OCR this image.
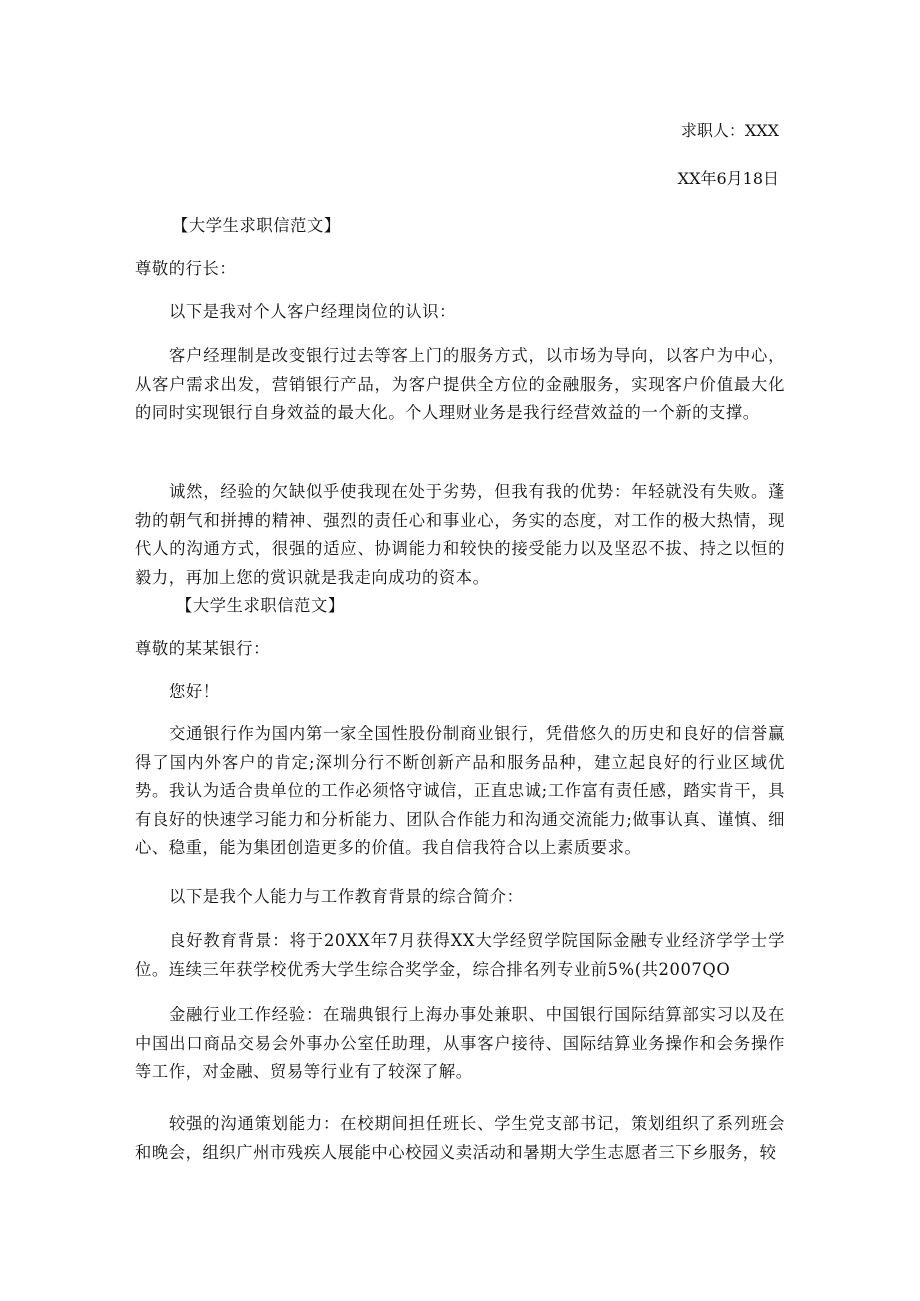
求职人：XXX
XX年6月18日

【大学生求职信范文】

尊敬的行长：

以下是我对个人客户经理岗位的认识：

客户经理制是改变银行过去等客上门的服务方式，以市场为导向，以客户为中心，从客户需求出发，营销银行产品，为客户提供全方位的金融服务，实现客户价值最大化的同时实现银行自身效益的最大化。个人理财业务是我行经营效益的一个新的支撑。

诚然，经验的欠缺似乎使我现在处于劣势，但我有我的优势：年轻就没有失败。蓬勃的朝气和拼搏的精神、强烈的责任心和事业心，务实的态度，对工作的极大热情，现代人的沟通方式，很强的适应、协调能力和较快的接受能力以及坚忍不拔、持之以恒的毅力，再加上您的赏识就是我走向成功的资本。

【大学生求职信范文】

尊敬的某某银行：

您好！

交通银行作为国内第一家全国性股份制商业银行，凭借悠久的历史和良好的信誉赢得了国内外客户的肯定;深圳分行不断创新产品和服务品种，建立起良好的行业区域优势。我认为适合贵单位的工作必须恪守诚信，正直忠诚;工作富有责任感，踏实肯干，具有良好的快速学习能力和分析能力、团队合作能力和沟通交流能力;做事认真、谨慎、细心、稳重，能为集团创造更多的价值。我自信我符合以上素质要求。

以下是我个人能力与工作教育背景的综合简介：

良好教育背景：将于20XX年7月获得XX大学经贸学院国际金融专业经济学学士学位。连续三年获学校优秀大学生综合奖学金，综合排名列专业前5%(共2007QO

金融行业工作经验：在瑞典银行上海办事处兼职、中国银行国际结算部实习以及在中国出口商品交易会外事办公室任助理，从事客户接待、国际结算业务操作和会务操作等工作，对金融、贸易等行业有了较深了解。

较强的沟通策划能力：在校期间担任班长、学生党支部书记，策划组织了系列班会和晚会，组织广州市残疾人展能中心校园义卖活动和暑期大学生志愿者三下乡服务，较
